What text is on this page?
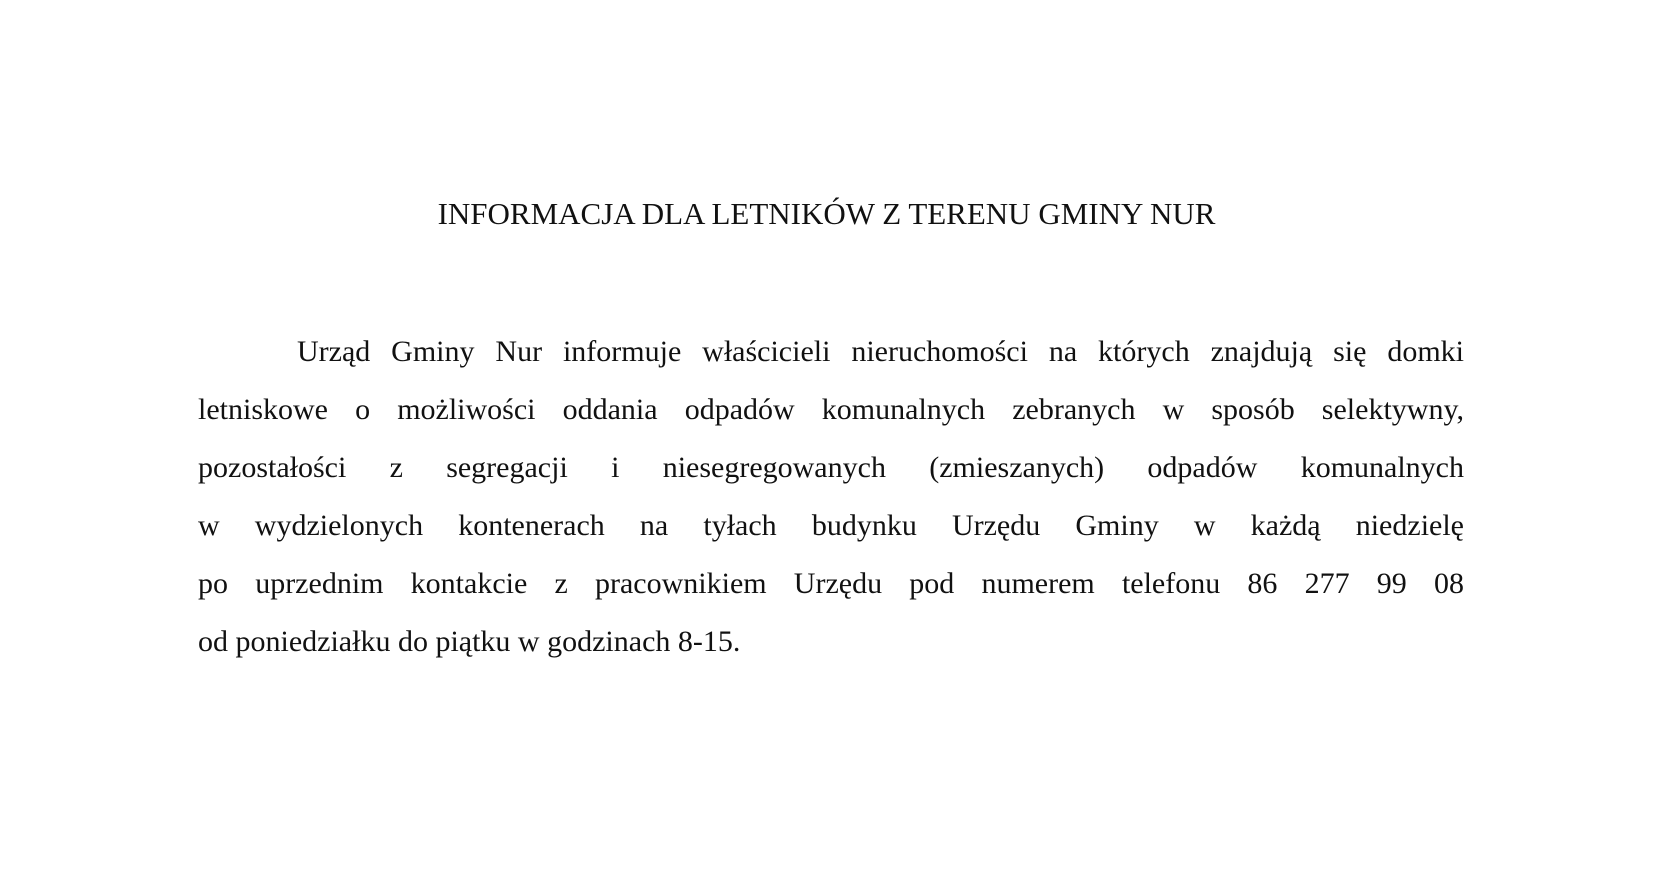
INFORMACJA DLA LETNIKÓW Z TERENU GMINY NUR
Urząd Gminy Nur informuje właścicieli nieruchomości na których znajdują się domki
letniskowe o możliwości oddania odpadów komunalnych zebranych w sposób selektywny,
pozostałości z segregacji i niesegregowanych (zmieszanych) odpadów komunalnych
w wydzielonych kontenerach na tyłach budynku Urzędu Gminy w każdą niedzielę
po uprzednim kontakcie z pracownikiem Urzędu pod numerem telefonu 86 277 99 08
od poniedziałku do piątku w godzinach 8-15.
